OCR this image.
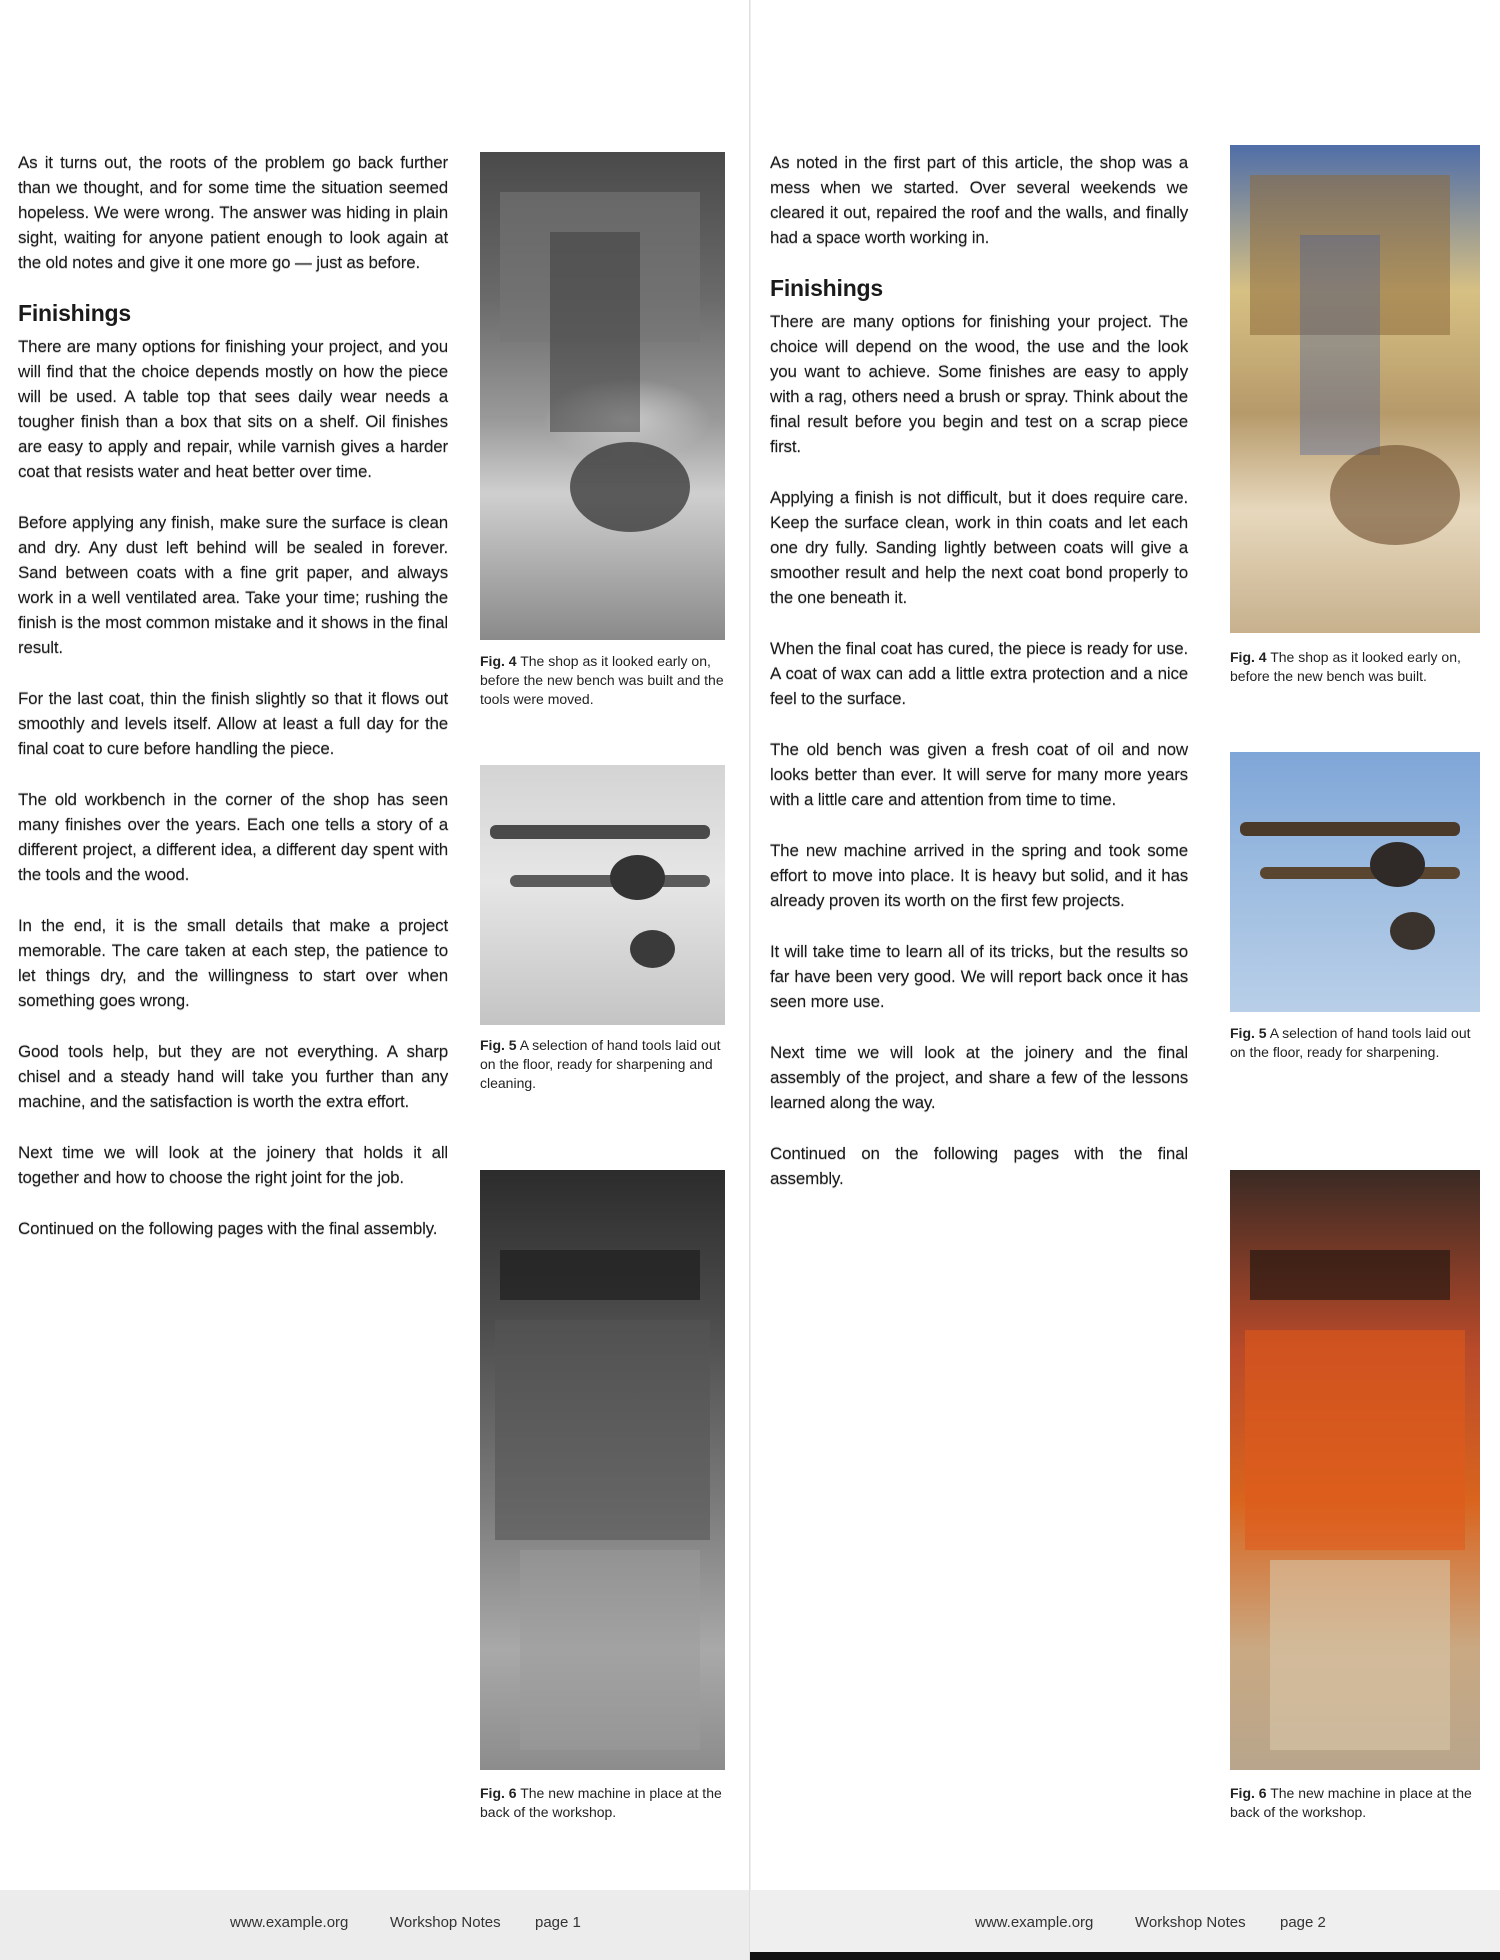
As it turns out, the roots of the problem go back further than we thought, and for some time the situation seemed hopeless. We were wrong. The answer was hiding in plain sight, waiting for anyone patient enough to look again at the old notes and give it one more go — just as before.

Finishings

There are many options for finishing your project, and you will find that the choice depends mostly on how the piece will be used. A table top that sees daily wear needs a tougher finish than a box that sits on a shelf. Oil finishes are easy to apply and repair, while varnish gives a harder coat that resists water and heat better over time.

Before applying any finish, make sure the surface is clean and dry. Any dust left behind will be sealed in forever. Sand between coats with a fine grit paper, and always work in a well ventilated area. Take your time; rushing the finish is the most common mistake and it shows in the final result.

For the last coat, thin the finish slightly so that it flows out smoothly and levels itself. Allow at least a full day for the final coat to cure before handling the piece.

The old workbench in the corner of the shop has seen many finishes over the years. Each one tells a story of a different project, a different idea, a different day spent with the tools and the wood.

In the end, it is the small details that make a project memorable. The care taken at each step, the patience to let things dry, and the willingness to start over when something goes wrong.

Good tools help, but they are not everything. A sharp chisel and a steady hand will take you further than any machine, and the satisfaction is worth the extra effort.

Next time we will look at the joinery that holds it all together and how to choose the right joint for the job.

Continued on the following pages with the final assembly.

Fig. 4 The shop as it looked early on, before the new bench was built and the tools were moved.
Fig. 5 A selection of hand tools laid out on the floor, ready for sharpening and cleaning.
Fig. 6 The new machine in place at the back of the workshop.
www.example.org	Workshop Notes page 1

As noted in the first part of this article, the shop was a mess when we started. Over several weekends we cleared it out, repaired the roof and the walls, and finally had a space worth working in.

Finishings

There are many options for finishing your project. The choice will depend on the wood, the use and the look you want to achieve. Some finishes are easy to apply with a rag, others need a brush or spray. Think about the final result before you begin and test on a scrap piece first.

Applying a finish is not difficult, but it does require care. Keep the surface clean, work in thin coats and let each one dry fully. Sanding lightly between coats will give a smoother result and help the next coat bond properly to the one beneath it.

When the final coat has cured, the piece is ready for use. A coat of wax can add a little extra protection and a nice feel to the surface.

The old bench was given a fresh coat of oil and now looks better than ever. It will serve for many more years with a little care and attention from time to time.

The new machine arrived in the spring and took some effort to move into place. It is heavy but solid, and it has already proven its worth on the first few projects.

It will take time to learn all of its tricks, but the results so far have been very good. We will report back once it has seen more use.

Next time we will look at the joinery and the final assembly of the project, and share a few of the lessons learned along the way.

Continued on the following pages with the final assembly.

Fig. 4 The shop as it looked early on, before the new bench was built.
Fig. 5 A selection of hand tools laid out on the floor, ready for sharpening.
Fig. 6 The new machine in place at the back of the workshop.
www.example.org	Workshop Notes page 2
